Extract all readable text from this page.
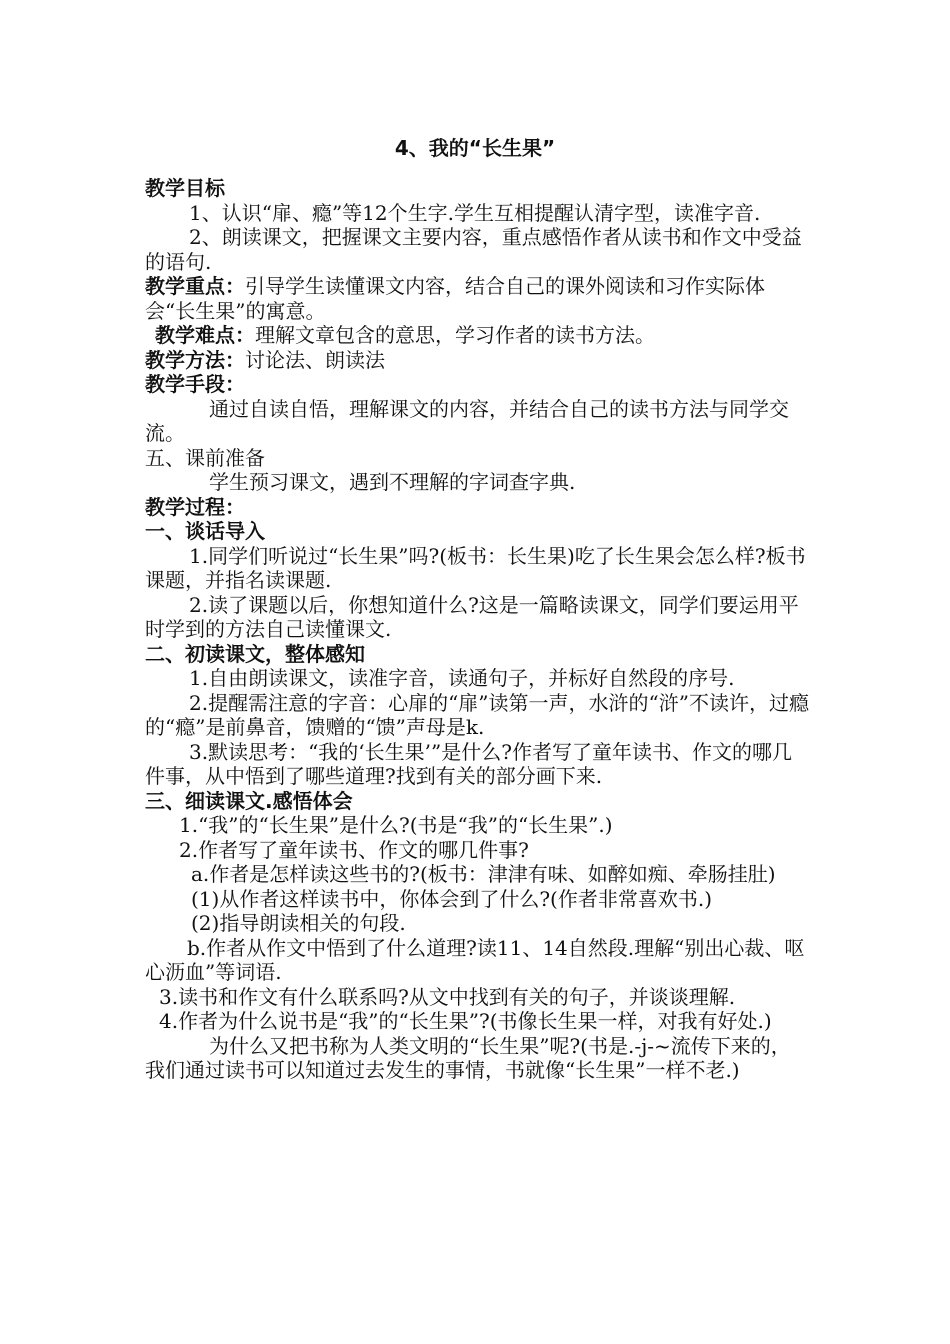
4、我的“长生果”

教学目标

1、认识“扉、瘾”等12个生字.学生互相提醒认清字型，读准字音.

2、朗读课文，把握课文主要内容，重点感悟作者从读书和作文中受益的语句.

教学重点：引导学生读懂课文内容，结合自己的课外阅读和习作实际体会“长生果”的寓意。

教学难点：理解文章包含的意思，学习作者的读书方法。

教学方法：讨论法、朗读法

教学手段：

通过自读自悟，理解课文的内容，并结合自己的读书方法与同学交流。

五、课前准备

学生预习课文，遇到不理解的字词查字典.

教学过程：

一、谈话导入

1.同学们听说过“长生果”吗?(板书：长生果)吃了长生果会怎么样?板书课题，并指名读课题.

2.读了课题以后，你想知道什么?这是一篇略读课文，同学们要运用平时学到的方法自己读懂课文.

二、初读课文，整体感知

1.自由朗读课文，读准字音，读通句子，并标好自然段的序号.

2.提醒需注意的字音：心扉的“扉”读第一声，水浒的“浒”不读许，过瘾的“瘾”是前鼻音，馈赠的“馈”声母是k.

3.默读思考：“我的‘长生果’”是什么?作者写了童年读书、作文的哪几件事，从中悟到了哪些道理?找到有关的部分画下来.

三、细读课文.感悟体会

1.“我”的“长生果”是什么?(书是“我”的“长生果”.)

2.作者写了童年读书、作文的哪几件事?

a.作者是怎样读这些书的?(板书：津津有味、如醉如痴、牵肠挂肚)

(1)从作者这样读书中，你体会到了什么?(作者非常喜欢书.)

(2)指导朗读相关的句段.

b.作者从作文中悟到了什么道理?读11、14自然段.理解“别出心裁、呕心沥血”等词语.

3.读书和作文有什么联系吗?从文中找到有关的句子，并谈谈理解.

4.作者为什么说书是“我”的“长生果”?(书像长生果一样，对我有好处.)

为什么又把书称为人类文明的“长生果”呢?(书是.-j-~流传下来的，我们通过读书可以知道过去发生的事情，书就像“长生果”一样不老.)
